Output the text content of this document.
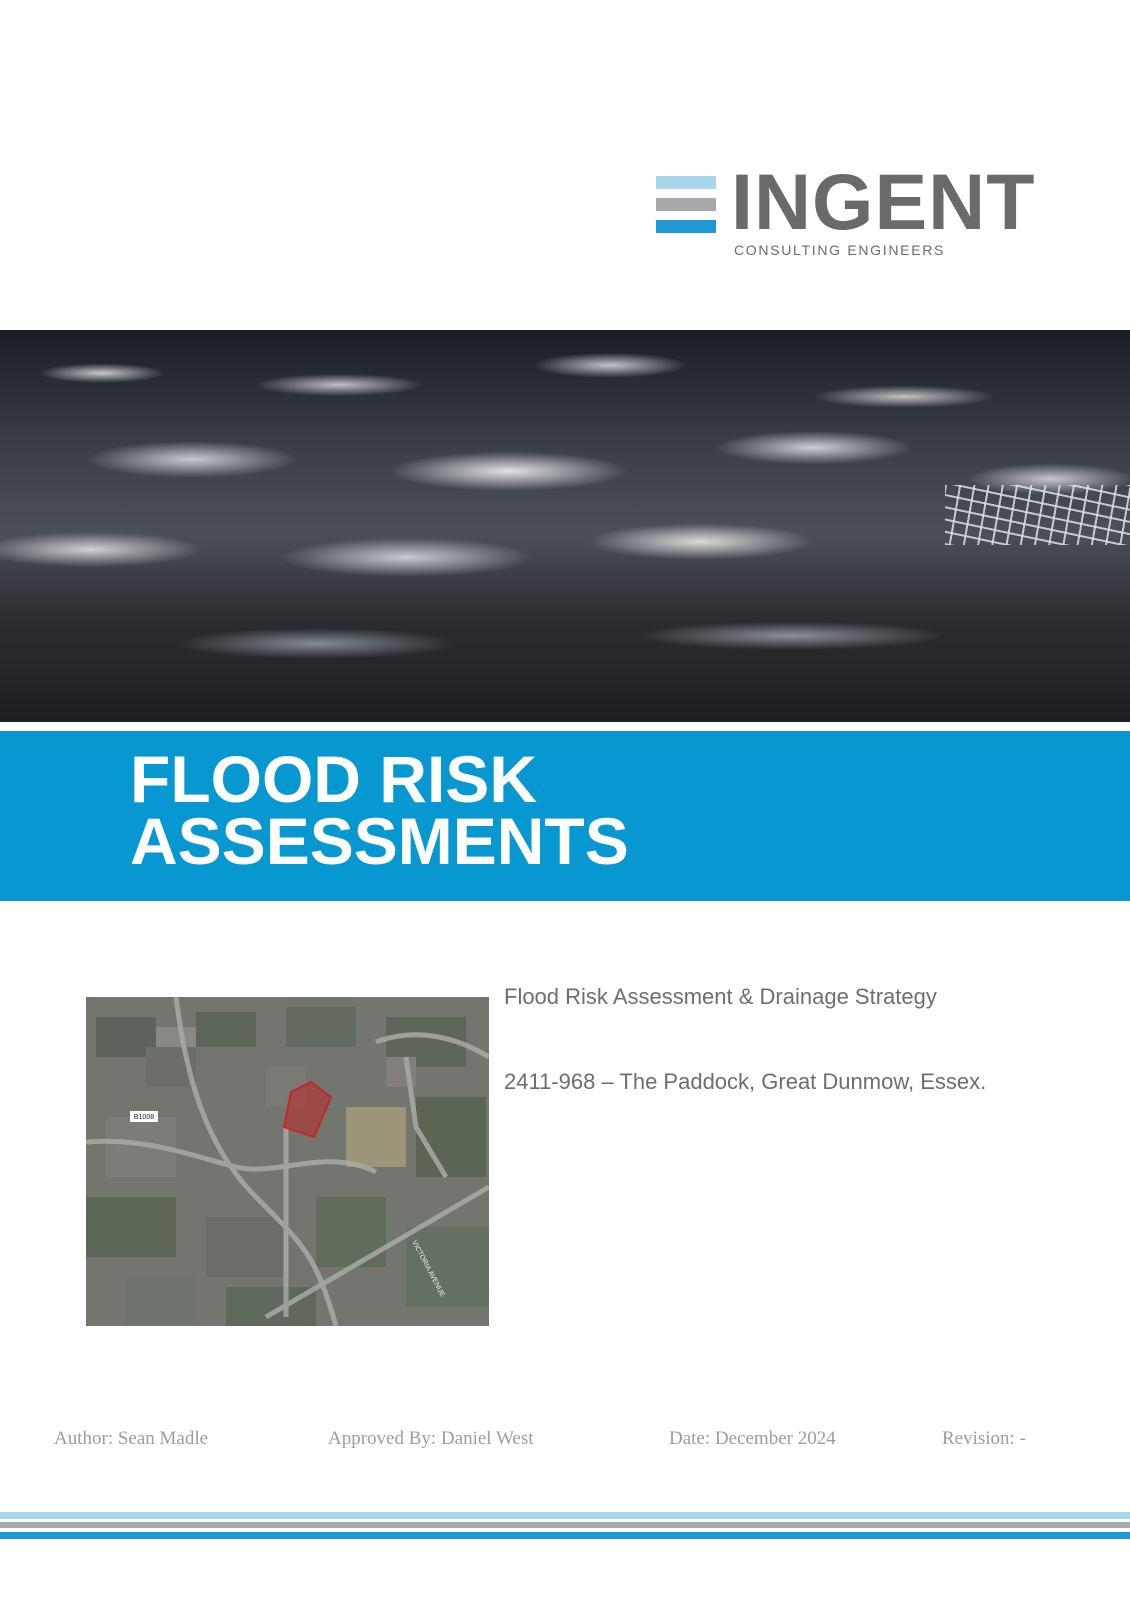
INGENT
CONSULTING ENGINEERS
FLOOD RISK
ASSESSMENTS
B1008
VICTORIA AVENUE
Flood Risk Assessment & Drainage Strategy
2411-968 – The Paddock, Great Dunmow, Essex.
Author: Sean Madle	Approved By: Daniel West	Date: December 2024	Revision: -
